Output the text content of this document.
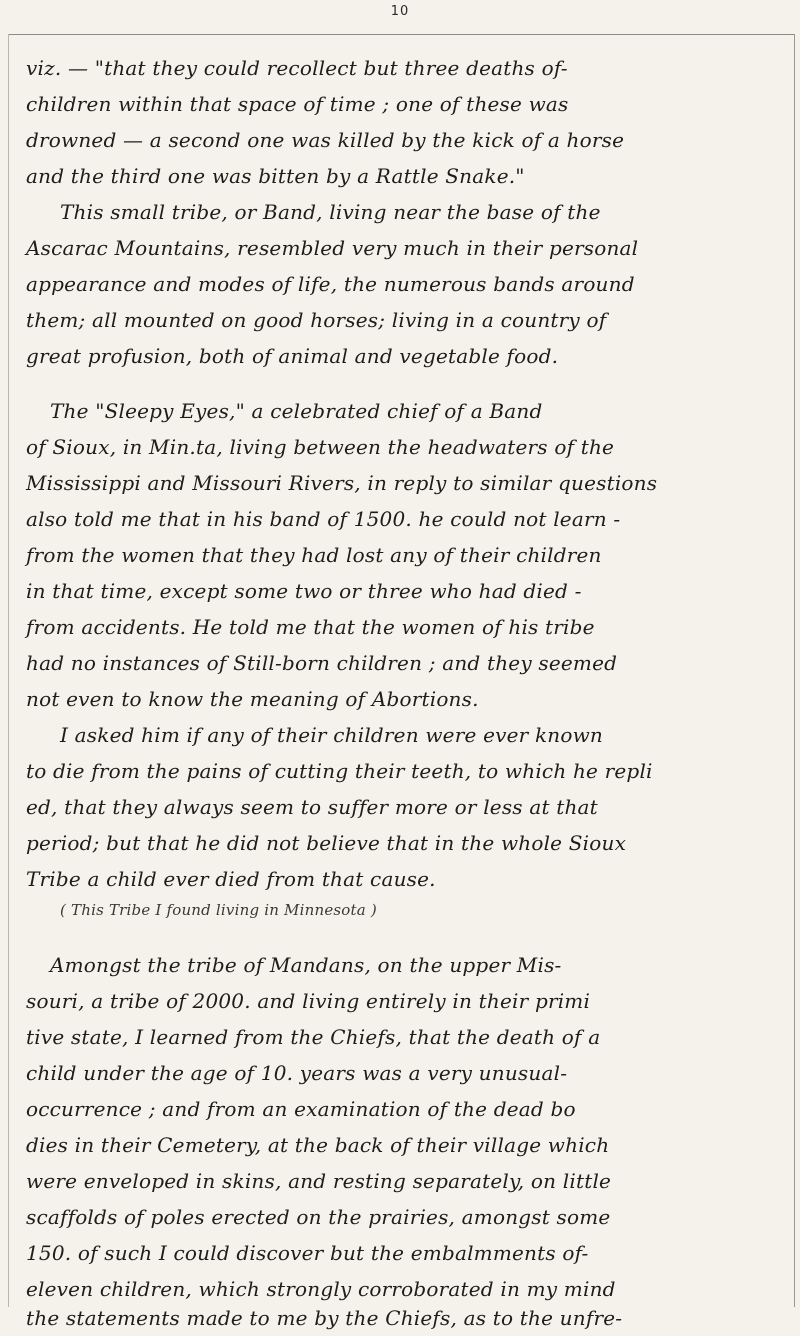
10
viz. — "that they could recollect but three deaths of-
children within that space of time ; one of these was
drowned — a second one was killed by the kick of a horse
and the third one was bitten by a Rattle Snake."
This small tribe, or Band, living near the base of the
Ascarac Mountains, resembled very much in their personal
appearance and modes of life, the numerous bands around
them; all mounted on good horses; living in a country of
great profusion, both of animal and vegetable food.
The "Sleepy Eyes," a celebrated chief of a Band
of Sioux, in Min.ta, living between the headwaters of the
Mississippi and Missouri Rivers, in reply to similar questions
also told me that in his band of 1500. he could not learn -
from the women that they had lost any of their children
in that time, except some two or three who had died -
from accidents. He told me that the women of his tribe
had no instances of Still-born children ; and they seemed
not even to know the meaning of Abortions.
I asked him if any of their children were ever known
to die from the pains of cutting their teeth, to which he repli
ed, that they always seem to suffer more or less at that
period; but that he did not believe that in the whole Sioux
Tribe a child ever died from that cause.
( This Tribe I found living in Minnesota )
Amongst the tribe of Mandans, on the upper Mis-
souri, a tribe of 2000. and living entirely in their primi
tive state, I learned from the Chiefs, that the death of a
child under the age of 10. years was a very unusual-
occurrence ; and from an examination of the dead bo
dies in their Cemetery, at the back of their village which
were enveloped in skins, and resting separately, on little
scaffolds of poles erected on the prairies, amongst some
150. of such I could discover but the embalmments of-
eleven children, which strongly corroborated in my mind
the statements made to me by the Chiefs, as to the unfre-
